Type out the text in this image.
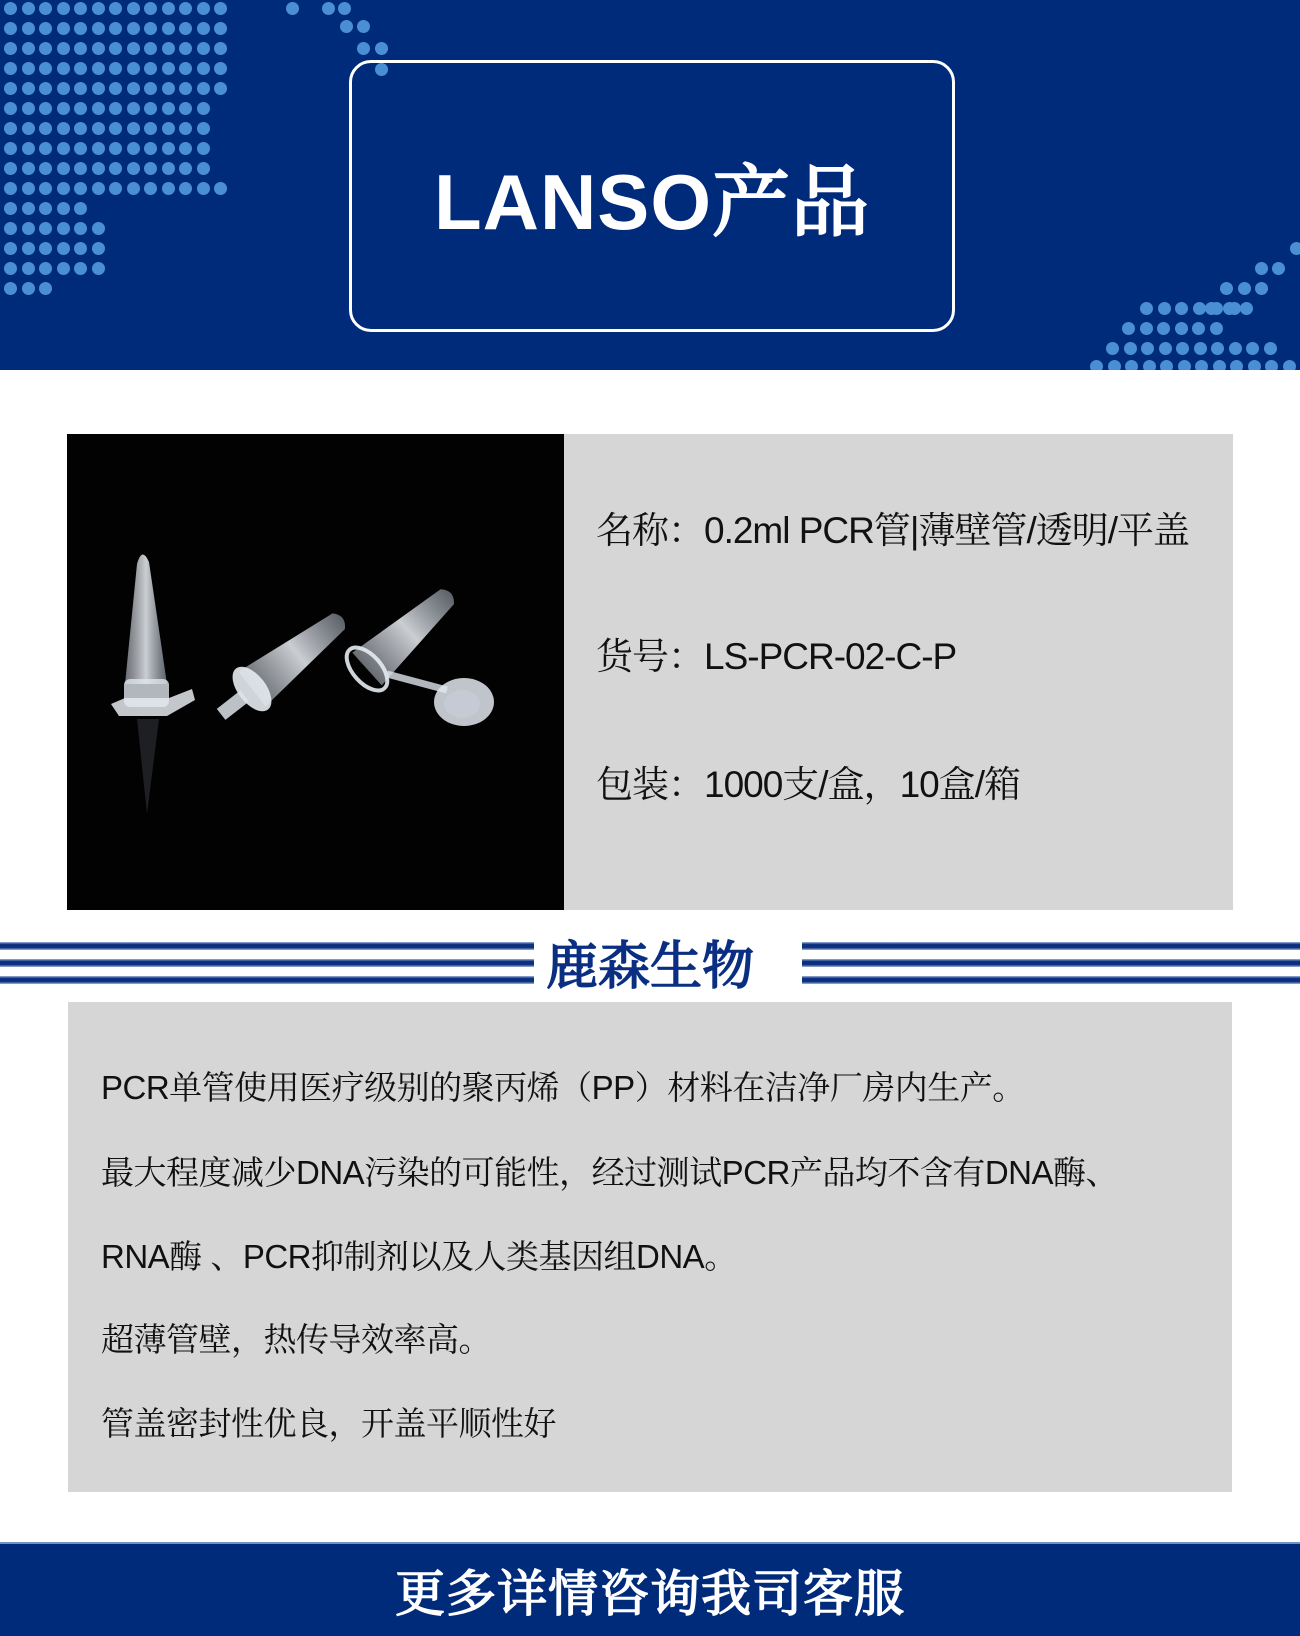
LANSO产品
名称：0.2ml PCR管|薄壁管/透明/平盖
货号：LS-PCR-02-C-P
包装：1000支/盒，10盒/箱
鹿森生物
PCR单管使用医疗级别的聚丙烯（PP）材料在洁净厂房内生产。
最大程度减少DNA污染的可能性，经过测试PCR产品均不含有DNA酶、
RNA酶 、PCR抑制剂以及人类基因组DNA。
超薄管壁，热传导效率高。
管盖密封性优良，开盖平顺性好
更多详情咨询我司客服
